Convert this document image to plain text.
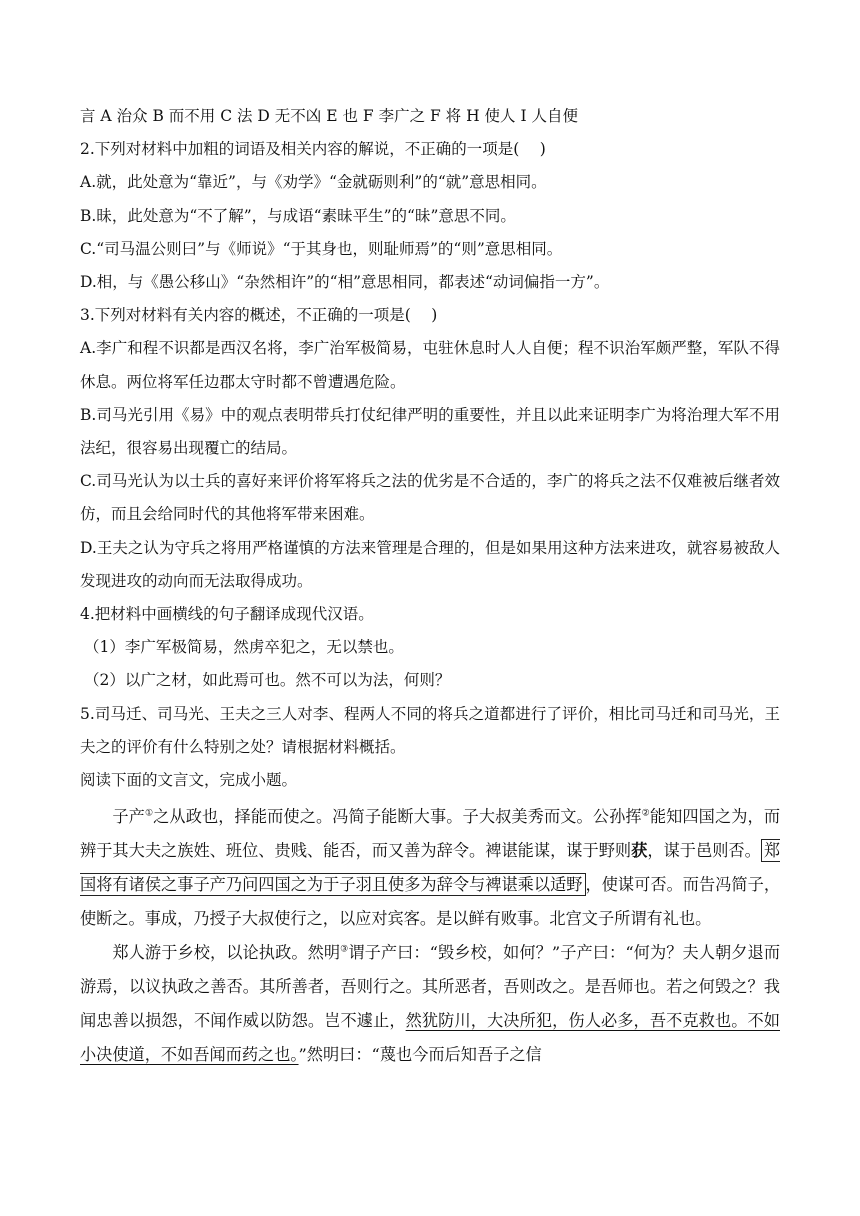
言 A 治众 B 而不用 C 法 D 无不凶 E 也 F 李广之 F 将 H 使人 I 人自便

2.下列对材料中加粗的词语及相关内容的解说，不正确的一项是(　 )

A.就，此处意为“靠近”，与《劝学》“金就砺则利”的“就”意思相同。

B.昧，此处意为“不了解”，与成语“素昧平生”的“昧”意思不同。

C.“司马温公则曰”与《师说》“于其身也，则耻师焉”的“则”意思相同。

D.相，与《愚公移山》“杂然相许”的“相”意思相同，都表述“动词偏指一方”。

3.下列对材料有关内容的概述，不正确的一项是(　 )

A.李广和程不识都是西汉名将，李广治军极简易，屯驻休息时人人自便；程不识治军颇严整，军队不得休息。两位将军任边郡太守时都不曾遭遇危险。

B.司马光引用《易》中的观点表明带兵打仗纪律严明的重要性，并且以此来证明李广为将治理大军不用法纪，很容易出现覆亡的结局。

C.司马光认为以士兵的喜好来评价将军将兵之法的优劣是不合适的，李广的将兵之法不仅难被后继者效仿，而且会给同时代的其他将军带来困难。

D.王夫之认为守兵之将用严格谨慎的方法来管理是合理的，但是如果用这种方法来进攻，就容易被敌人发现进攻的动向而无法取得成功。

4.把材料中画横线的句子翻译成现代汉语。

（1）李广军极简易，然虏卒犯之，无以禁也。

（2）以广之材，如此焉可也。然不可以为法，何则？

5.司马迁、司马光、王夫之三人对李、程两人不同的将兵之道都进行了评价，相比司马迁和司马光，王夫之的评价有什么特别之处？请根据材料概括。

阅读下面的文言文，完成小题。

子产①之从政也，择能而使之。冯简子能断大事。子大叔美秀而文。公孙挥②能知四国之为，而辨于其大夫之族姓、班位、贵贱、能否，而又善为辞令。裨谌能谋，谋于野则获，谋于邑则否。 郑国将有诸侯之事子产乃问四国之为于子羽且使多为辞令与裨谌乘以适野 ，使谋可否。而告冯简子，使断之。事成，乃授子大叔使行之，以应对宾客。是以鲜有败事。北宫文子所谓有礼也。

郑人游于乡校，以论执政。然明③谓子产曰：“毁乡校，如何？”子产曰：“何为？夫人朝夕退而游焉，以议执政之善否。其所善者，吾则行之。其所恶者，吾则改之。是吾师也。若之何毁之？我闻忠善以损怨，不闻作威以防怨。岂不遽止，然犹防川，大决所犯，伤人必多，吾不克救也。不如小决使道，不如吾闻而药之也。”然明曰：“蔑也今而后知吾子之信
